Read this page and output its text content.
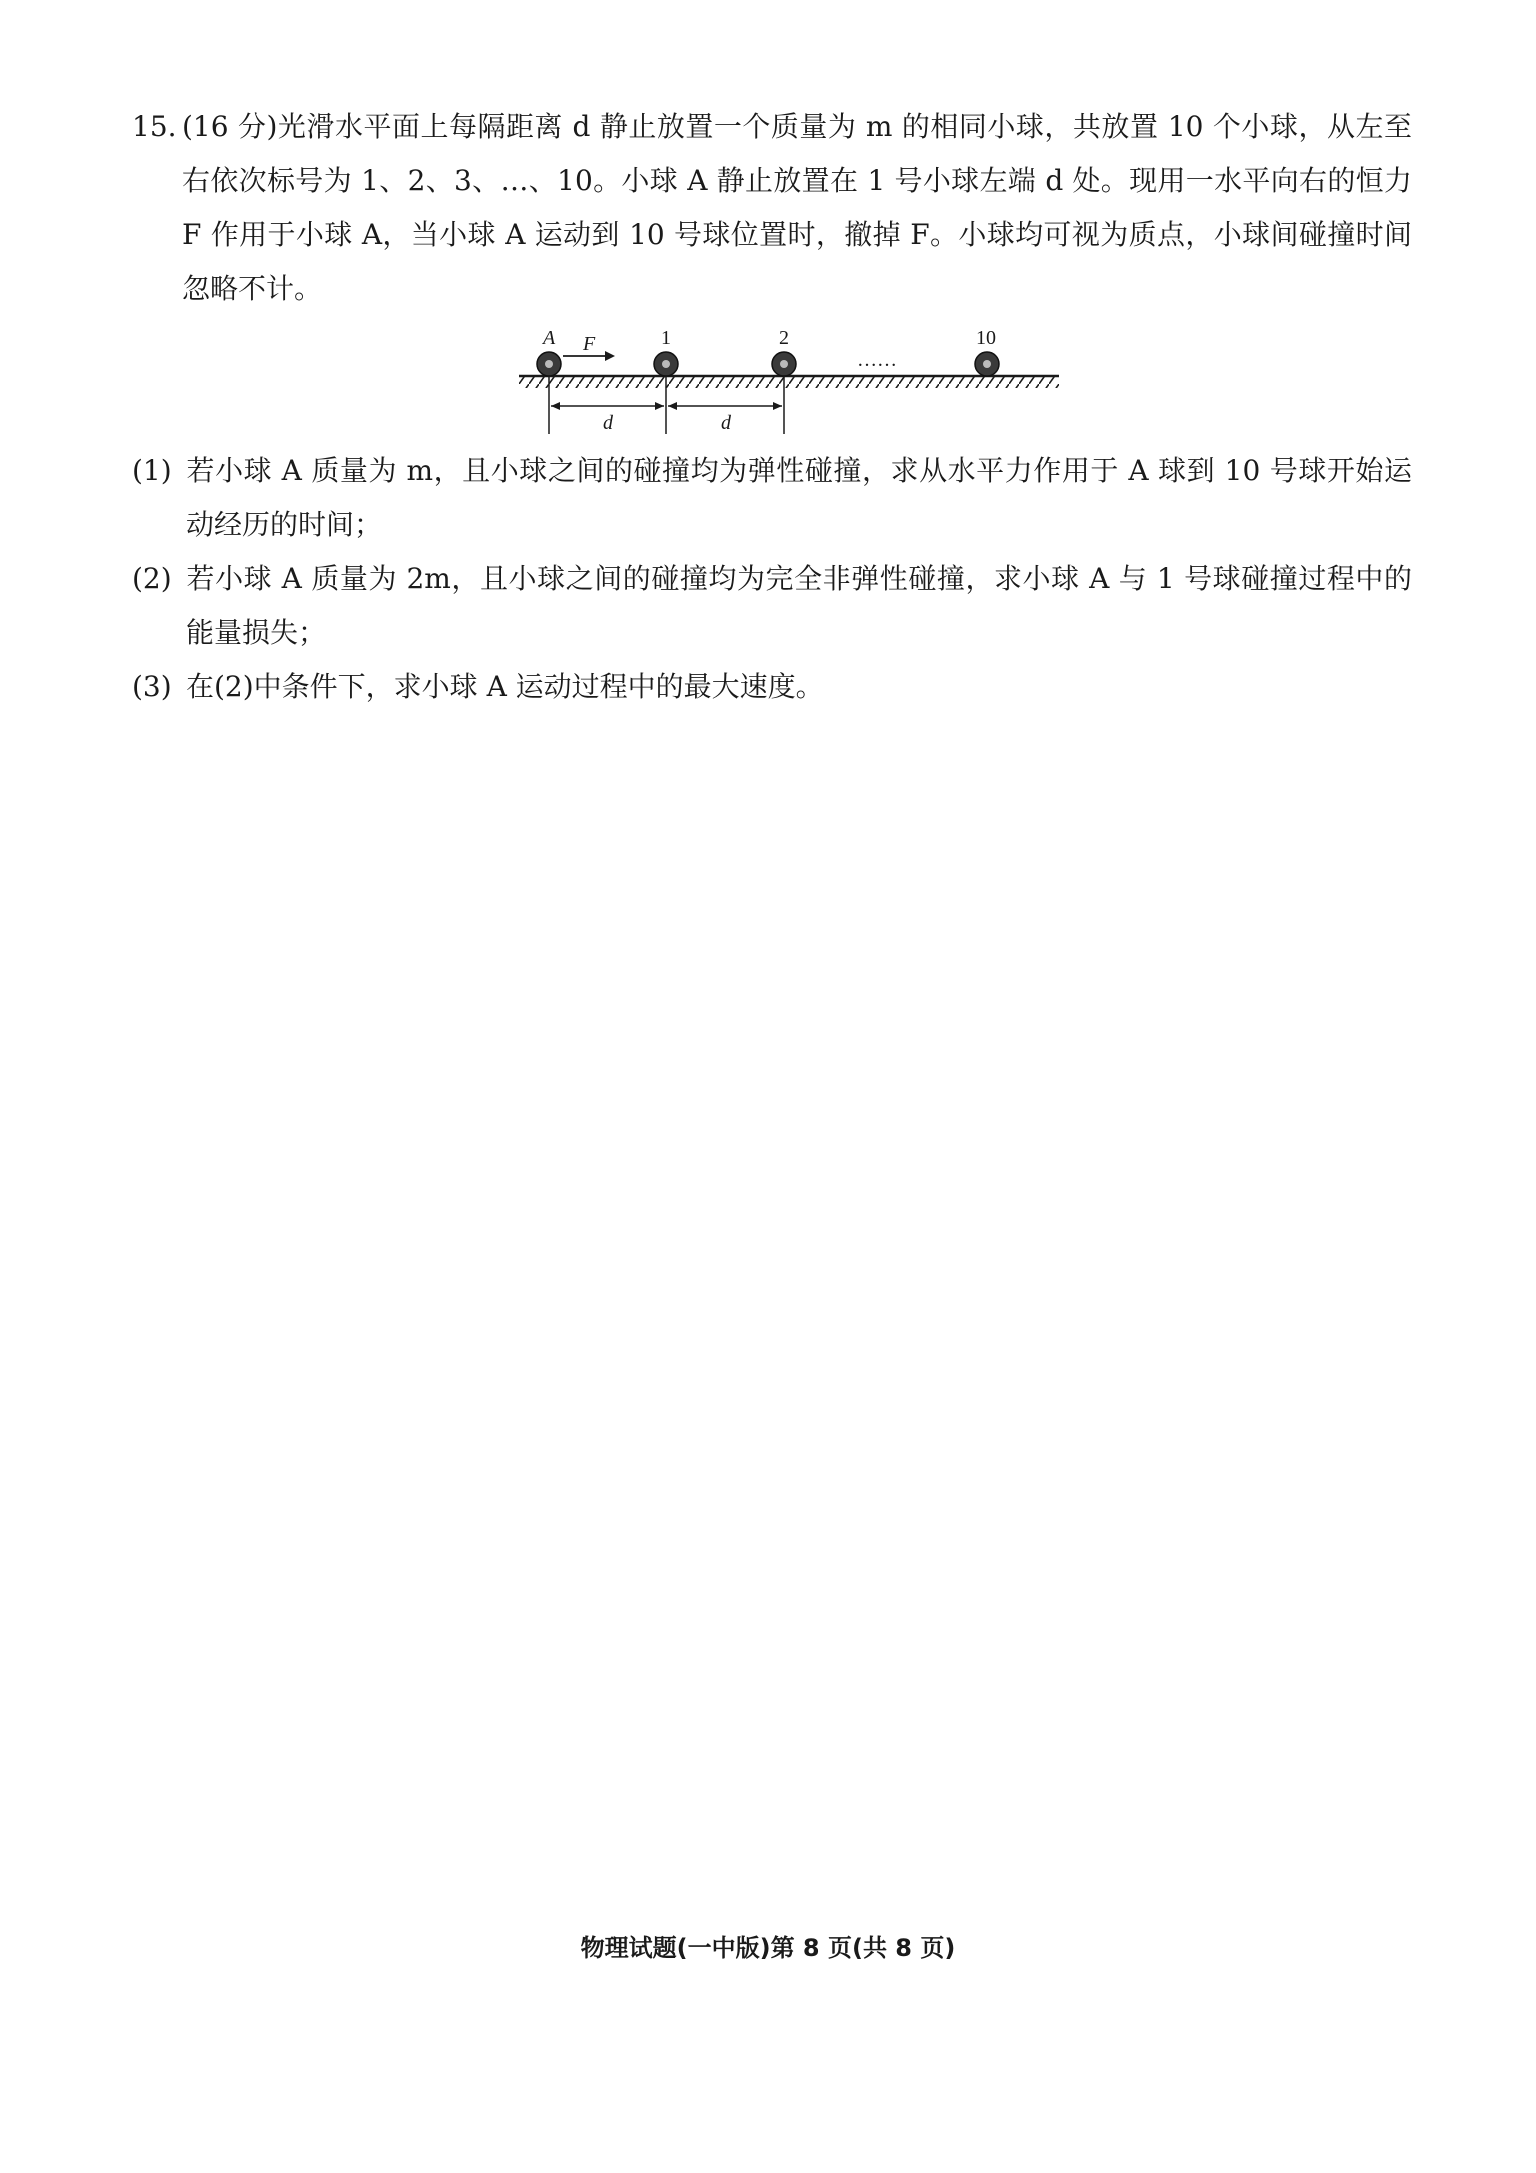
15. (16 分)光滑水平面上每隔距离 d 静止放置一个质量为 m 的相同小球，共放置 10 个小球，从左至右依次标号为 1、2、3、…、10。小球 A 静止放置在 1 号小球左端 d 处。现用一水平向右的恒力 F 作用于小球 A，当小球 A 运动到 10 号球位置时，撤掉 F。小球均可视为质点，小球间碰撞时间忽略不计。

A	1	2	10
F
……
d	d

(1) 若小球 A 质量为 m，且小球之间的碰撞均为弹性碰撞，求从水平力作用于 A 球到 10 号球开始运动经历的时间；

(2) 若小球 A 质量为 2m，且小球之间的碰撞均为完全非弹性碰撞，求小球 A 与 1 号球碰撞过程中的能量损失；

(3) 在(2)中条件下，求小球 A 运动过程中的最大速度。

物理试题(一中版)第 8 页(共 8 页)
